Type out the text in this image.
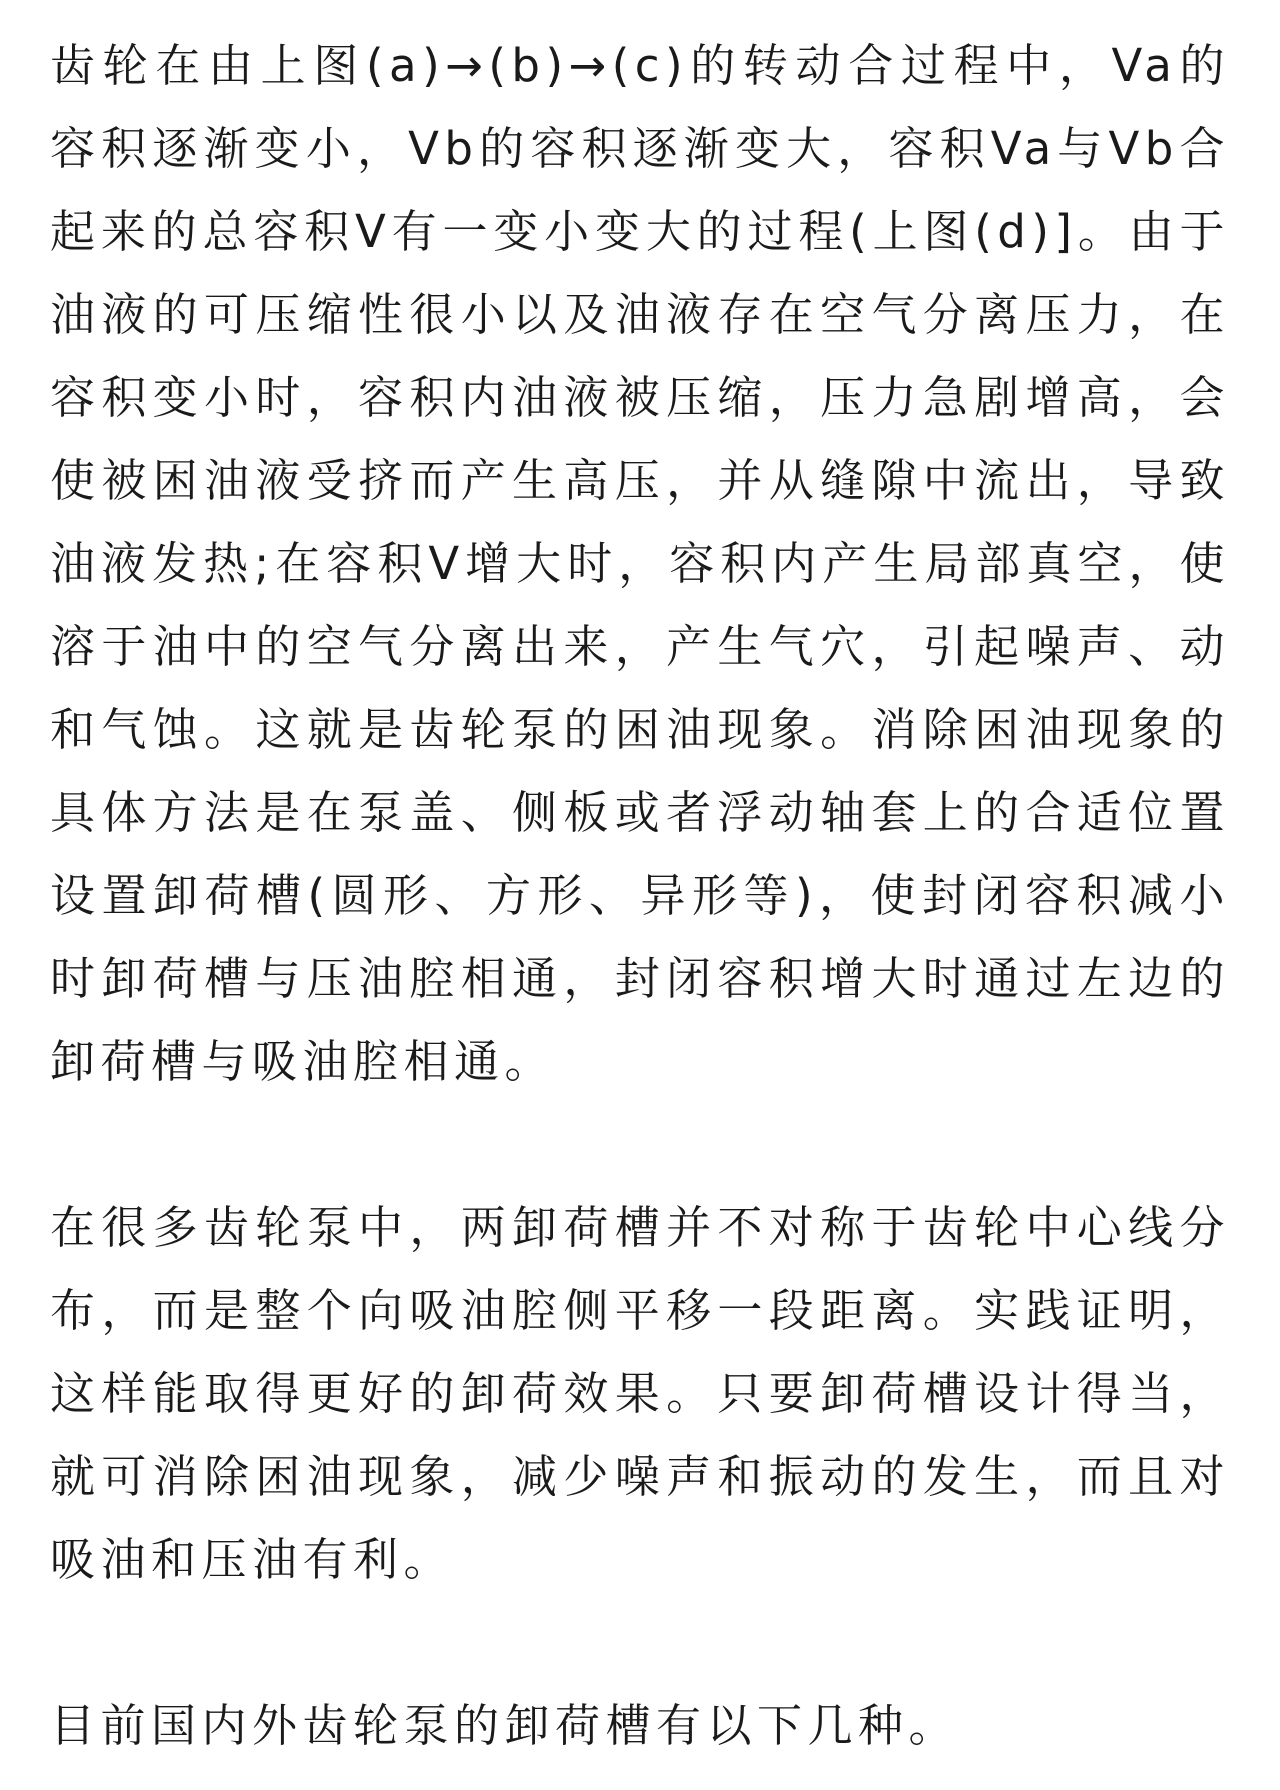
齿轮在由上图(a)→(b)→(c)的转动合过程中，Va的容积逐渐变小，Vb的容积逐渐变大，容积Va与Vb合起来的总容积V有一变小变大的过程(上图(d)]。由于油液的可压缩性很小以及油液存在空气分离压力，在容积变小时，容积内油液被压缩，压力急剧增高，会使被困油液受挤而产生高压，并从缝隙中流出，导致油液发热;在容积V增大时，容积内产生局部真空，使溶于油中的空气分离出来，产生气穴，引起噪声、动和气蚀。这就是齿轮泵的困油现象。消除困油现象的具体方法是在泵盖、侧板或者浮动轴套上的合适位置设置卸荷槽(圆形、方形、异形等)，使封闭容积减小时卸荷槽与压油腔相通，封闭容积增大时通过左边的卸荷槽与吸油腔相通。

在很多齿轮泵中，两卸荷槽并不对称于齿轮中心线分布，而是整个向吸油腔侧平移一段距离。实践证明，这样能取得更好的卸荷效果。只要卸荷槽设计得当，就可消除困油现象，减少噪声和振动的发生，而且对吸油和压油有利。

目前国内外齿轮泵的卸荷槽有以下几种。
